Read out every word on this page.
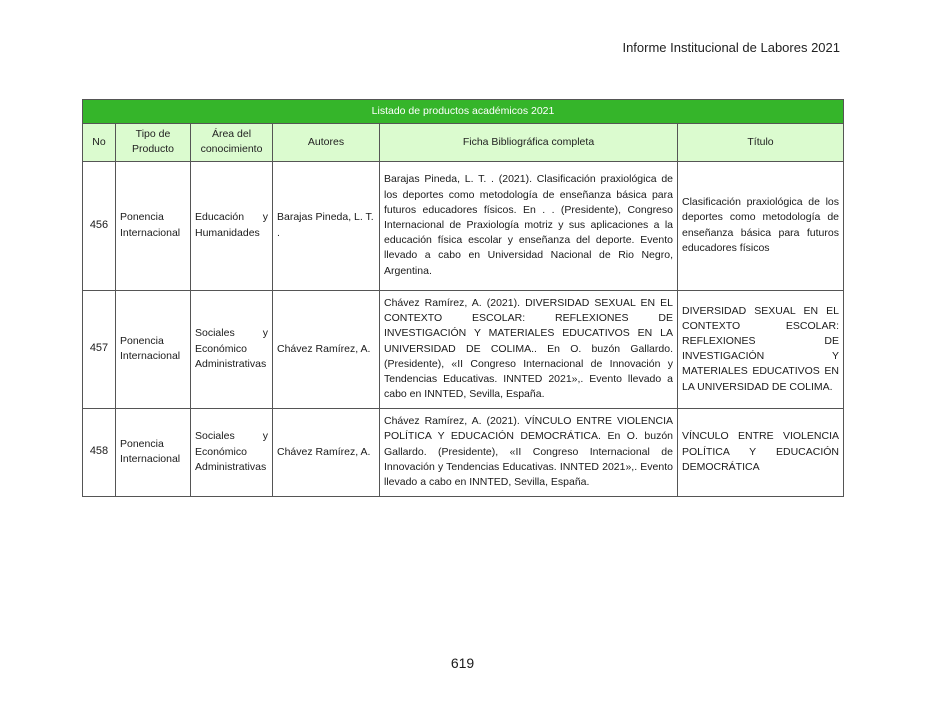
Informe Institucional de Labores 2021
Listado de productos académicos 2021					
No	Tipo de Producto	Área del conocimiento	Autores	Ficha Bibliográfica completa	Título
456	Ponencia Internacional	Educación y Humanidades	Barajas Pineda, L. T. .	Barajas Pineda, L. T. . (2021). Clasificación praxiológica de los deportes como metodología de enseñanza básica para futuros educadores físicos. En . . (Presidente), Congreso Internacional de Praxiología motriz y sus aplicaciones a la educación física escolar y enseñanza del deporte. Evento llevado a cabo en Universidad Nacional de Rio Negro, Argentina.	Clasificación praxiológica de los deportes como metodología de enseñanza básica para futuros educadores físicos
457	Ponencia Internacional	Sociales y Económico Administrativas	Chávez Ramírez, A.	Chávez Ramírez, A. (2021). DIVERSIDAD SEXUAL EN EL CONTEXTO ESCOLAR: REFLEXIONES DE INVESTIGACIÓN Y MATERIALES EDUCATIVOS EN LA UNIVERSIDAD DE COLIMA.. En O. buzón Gallardo. (Presidente), «II Congreso Internacional de Innovación y Tendencias Educativas. INNTED 2021»,. Evento llevado a cabo en INNTED, Sevilla, España.	DIVERSIDAD SEXUAL EN EL CONTEXTO ESCOLAR: REFLEXIONES DE INVESTIGACIÓN Y MATERIALES EDUCATIVOS EN LA UNIVERSIDAD DE COLIMA.
458	Ponencia Internacional	Sociales y Económico Administrativas	Chávez Ramírez, A.	Chávez Ramírez, A. (2021). VÍNCULO ENTRE VIOLENCIA POLÍTICA Y EDUCACIÓN DEMOCRÁTICA. En O. buzón Gallardo. (Presidente), «II Congreso Internacional de Innovación y Tendencias Educativas. INNTED 2021»,. Evento llevado a cabo en INNTED, Sevilla, España.	VÍNCULO ENTRE VIOLENCIA POLÍTICA Y EDUCACIÓN DEMOCRÁTICA
619
